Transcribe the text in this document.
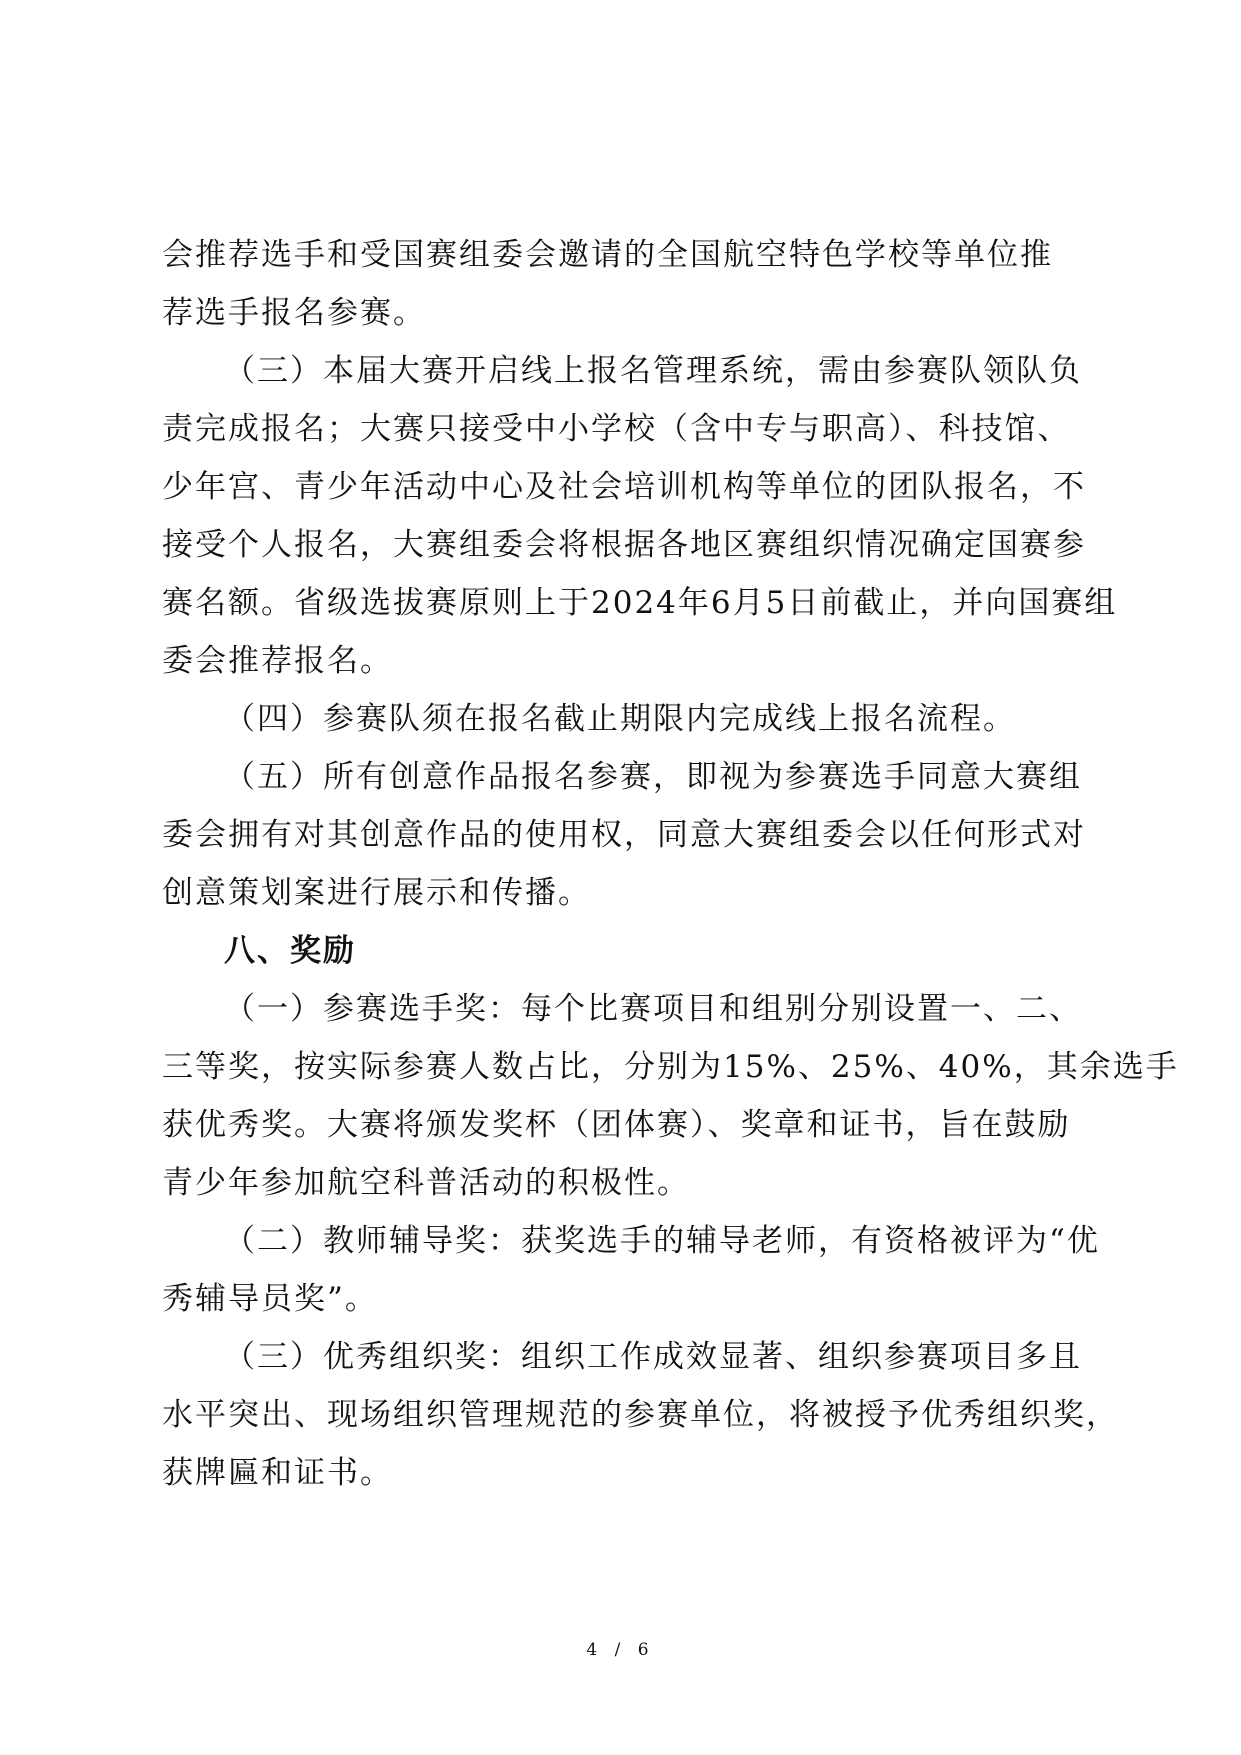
会推荐选手和受国赛组委会邀请的全国航空特色学校等单位推
荐选手报名参赛。
（三）本届大赛开启线上报名管理系统，需由参赛队领队负
责完成报名；大赛只接受中小学校（含中专与职高）、科技馆、
少年宫、青少年活动中心及社会培训机构等单位的团队报名，不
接受个人报名，大赛组委会将根据各地区赛组织情况确定国赛参
赛名额。省级选拔赛原则上于2024年6月5日前截止，并向国赛组
委会推荐报名。
（四）参赛队须在报名截止期限内完成线上报名流程。
（五）所有创意作品报名参赛，即视为参赛选手同意大赛组
委会拥有对其创意作品的使用权，同意大赛组委会以任何形式对
创意策划案进行展示和传播。
八、奖励
（一）参赛选手奖：每个比赛项目和组别分别设置一、二、
三等奖，按实际参赛人数占比，分别为15%、25%、40%，其余选手
获优秀奖。大赛将颁发奖杯（团体赛）、奖章和证书，旨在鼓励
青少年参加航空科普活动的积极性。
（二）教师辅导奖：获奖选手的辅导老师，有资格被评为“优
秀辅导员奖”。
（三）优秀组织奖：组织工作成效显著、组织参赛项目多且
水平突出、现场组织管理规范的参赛单位，将被授予优秀组织奖，
获牌匾和证书。
4 / 6
